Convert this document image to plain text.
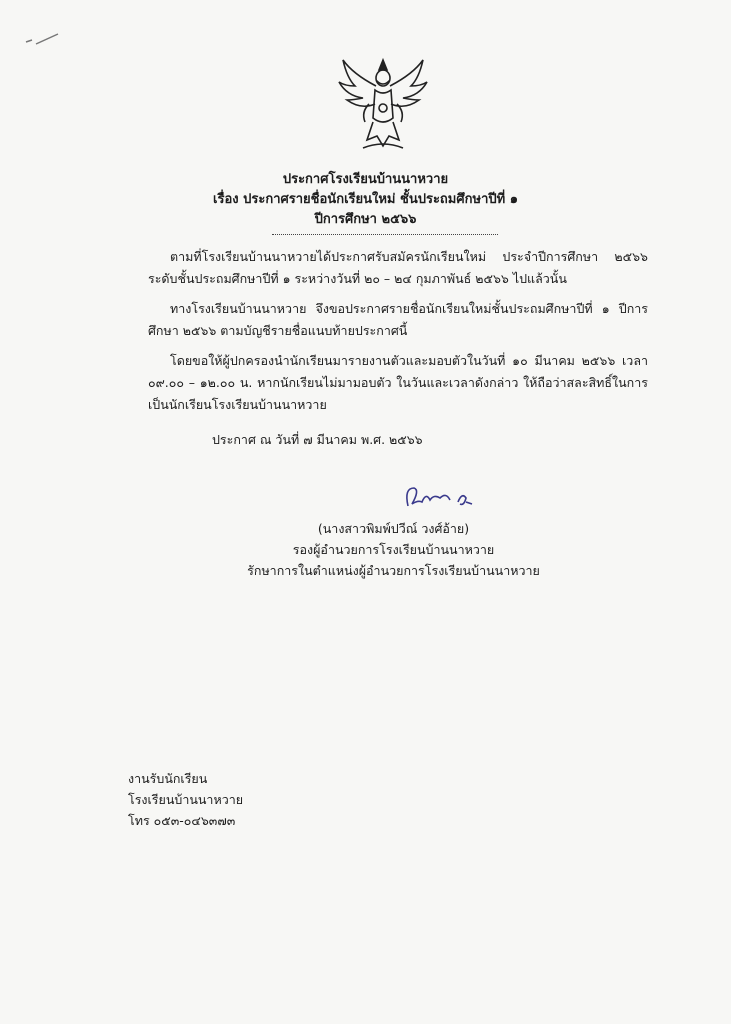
ประกาศโรงเรียนบ้านนาหวาย
เรื่อง ประกาศรายชื่อนักเรียนใหม่ ชั้นประถมศึกษาปีที่ ๑
ปีการศึกษา ๒๕๖๖
ตามที่โรงเรียนบ้านนาหวายได้ประกาศรับสมัครนักเรียนใหม่ ประจำปีการศึกษา ๒๕๖๖ ระดับชั้นประถมศึกษาปีที่ ๑ ระหว่างวันที่ ๒๐ – ๒๔ กุมภาพันธ์ ๒๕๖๖ ไปแล้วนั้น
ทางโรงเรียนบ้านนาหวาย จึงขอประกาศรายชื่อนักเรียนใหม่ชั้นประถมศึกษาปีที่ ๑ ปีการศึกษา ๒๕๖๖ ตามบัญชีรายชื่อแนบท้ายประกาศนี้
โดยขอให้ผู้ปกครองนำนักเรียนมารายงานตัวและมอบตัวในวันที่ ๑๐ มีนาคม ๒๕๖๖ เวลา ๐๙.๐๐ – ๑๒.๐๐ น. หากนักเรียนไม่มามอบตัว ในวันและเวลาดังกล่าว ให้ถือว่าสละสิทธิ์ในการเป็นนักเรียนโรงเรียนบ้านนาหวาย
ประกาศ ณ วันที่ ๗ มีนาคม พ.ศ. ๒๕๖๖
(นางสาวพิมพ์ปวีณ์ วงศ์อ้าย)
รองผู้อำนวยการโรงเรียนบ้านนาหวาย
รักษาการในตำแหน่งผู้อำนวยการโรงเรียนบ้านนาหวาย
งานรับนักเรียน
โรงเรียนบ้านนาหวาย
โทร ๐๕๓-๐๔๖๓๗๓
